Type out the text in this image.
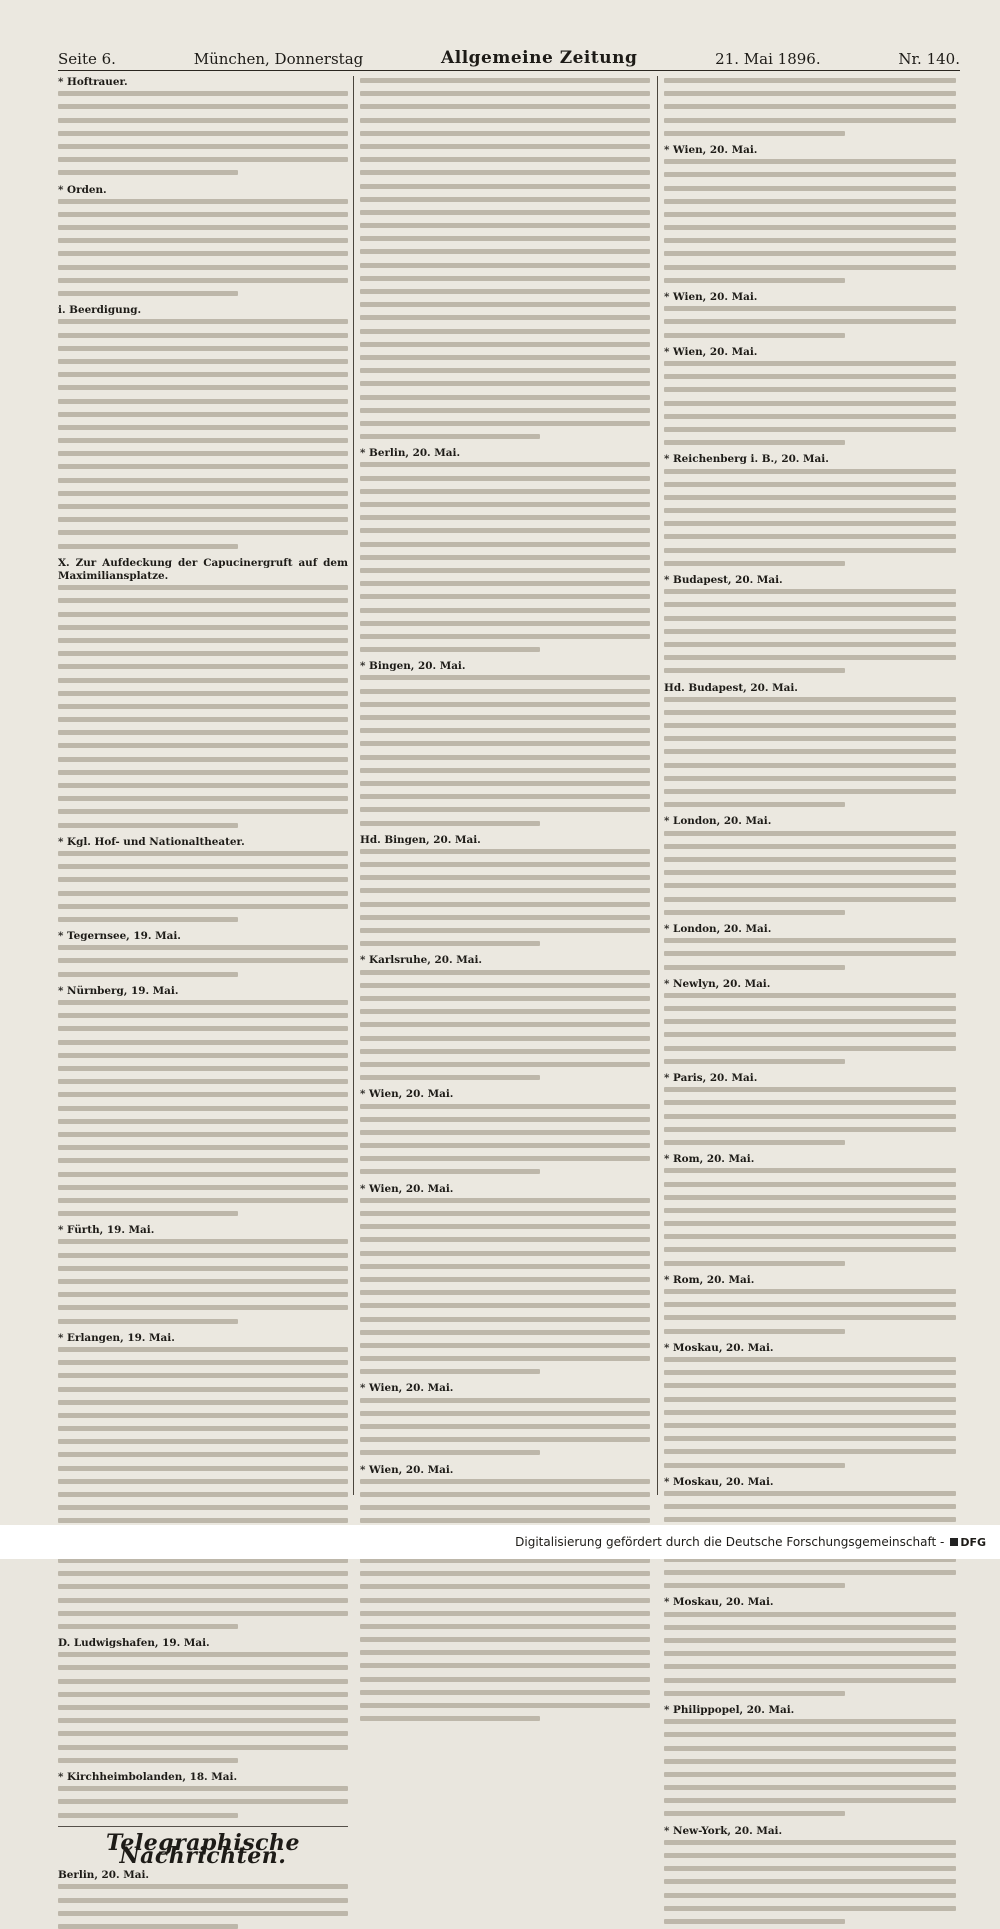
Seite 6.	München, Donnerstag	Allgemeine Zeitung	21. Mai 1896.	Nr. 140.
* Hoftrauer.
* Orden.
i. Beerdigung.
X. Zur Aufdeckung der Capucinergruft auf dem Maximiliansplatze.
* Kgl. Hof- und Nationaltheater.
* Tegernsee, 19. Mai.
* Nürnberg, 19. Mai.
* Fürth, 19. Mai.
* Erlangen, 19. Mai.
D. Ludwigshafen, 19. Mai.
* Kirchheimbolanden, 18. Mai.
Telegraphische Nachrichten.
Berlin, 20. Mai.
* Berlin, 20. Mai.
* Bingen, 20. Mai.
Hd. Bingen, 20. Mai.
* Karlsruhe, 20. Mai.
* Wien, 20. Mai.
* Wien, 20. Mai.
* Wien, 20. Mai.
* Wien, 20. Mai.
* Wien, 20. Mai.
* Wien, 20. Mai.
* Wien, 20. Mai.
* Reichenberg i. B., 20. Mai.
* Budapest, 20. Mai.
Hd. Budapest, 20. Mai.
* London, 20. Mai.
* London, 20. Mai.
* Newlyn, 20. Mai.
* Paris, 20. Mai.
* Rom, 20. Mai.
* Rom, 20. Mai.
* Moskau, 20. Mai.
* Moskau, 20. Mai.
* Moskau, 20. Mai.
* Philippopel, 20. Mai.
* New-York, 20. Mai.
Digitalisierung gefördert durch die Deutsche Forschungsgemeinschaft - DFG
